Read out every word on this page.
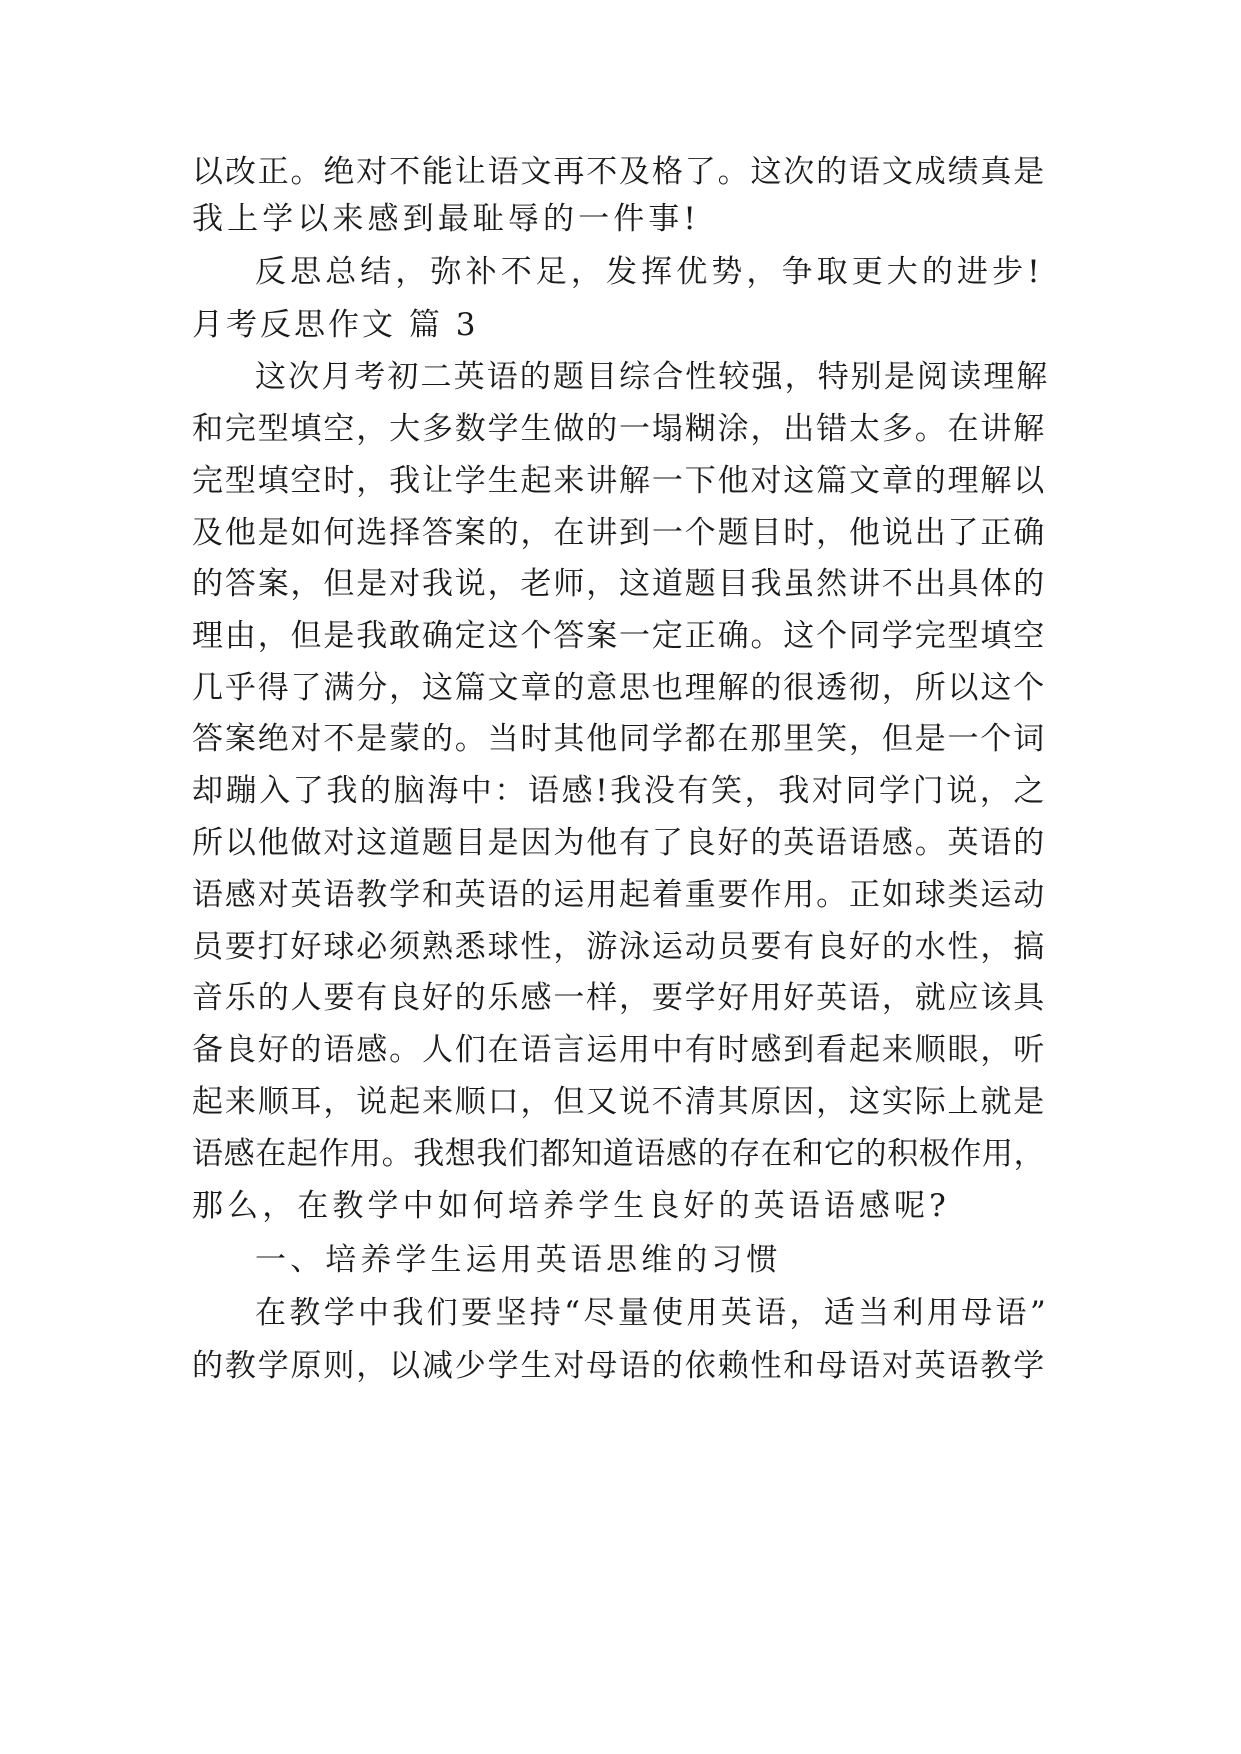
以改正。绝对不能让语文再不及格了。这次的语文成绩真是
我上学以来感到最耻辱的一件事!
反思总结，弥补不足，发挥优势，争取更大的进步!
月考反思作文 篇 3
这次月考初二英语的题目综合性较强，特别是阅读理解
和完型填空，大多数学生做的一塌糊涂，出错太多。在讲解
完型填空时，我让学生起来讲解一下他对这篇文章的理解以
及他是如何选择答案的，在讲到一个题目时，他说出了正确
的答案，但是对我说，老师，这道题目我虽然讲不出具体的
理由，但是我敢确定这个答案一定正确。这个同学完型填空
几乎得了满分，这篇文章的意思也理解的很透彻，所以这个
答案绝对不是蒙的。当时其他同学都在那里笑，但是一个词
却蹦入了我的脑海中：语感!我没有笑，我对同学门说，之
所以他做对这道题目是因为他有了良好的英语语感。英语的
语感对英语教学和英语的运用起着重要作用。正如球类运动
员要打好球必须熟悉球性，游泳运动员要有良好的水性，搞
音乐的人要有良好的乐感一样，要学好用好英语，就应该具
备良好的语感。人们在语言运用中有时感到看起来顺眼，听
起来顺耳，说起来顺口，但又说不清其原因，这实际上就是
语感在起作用。我想我们都知道语感的存在和它的积极作用，
那么，在教学中如何培养学生良好的英语语感呢?
一、培养学生运用英语思维的习惯
在教学中我们要坚持“尽量使用英语，适当利用母语”
的教学原则，以减少学生对母语的依赖性和母语对英语教学
